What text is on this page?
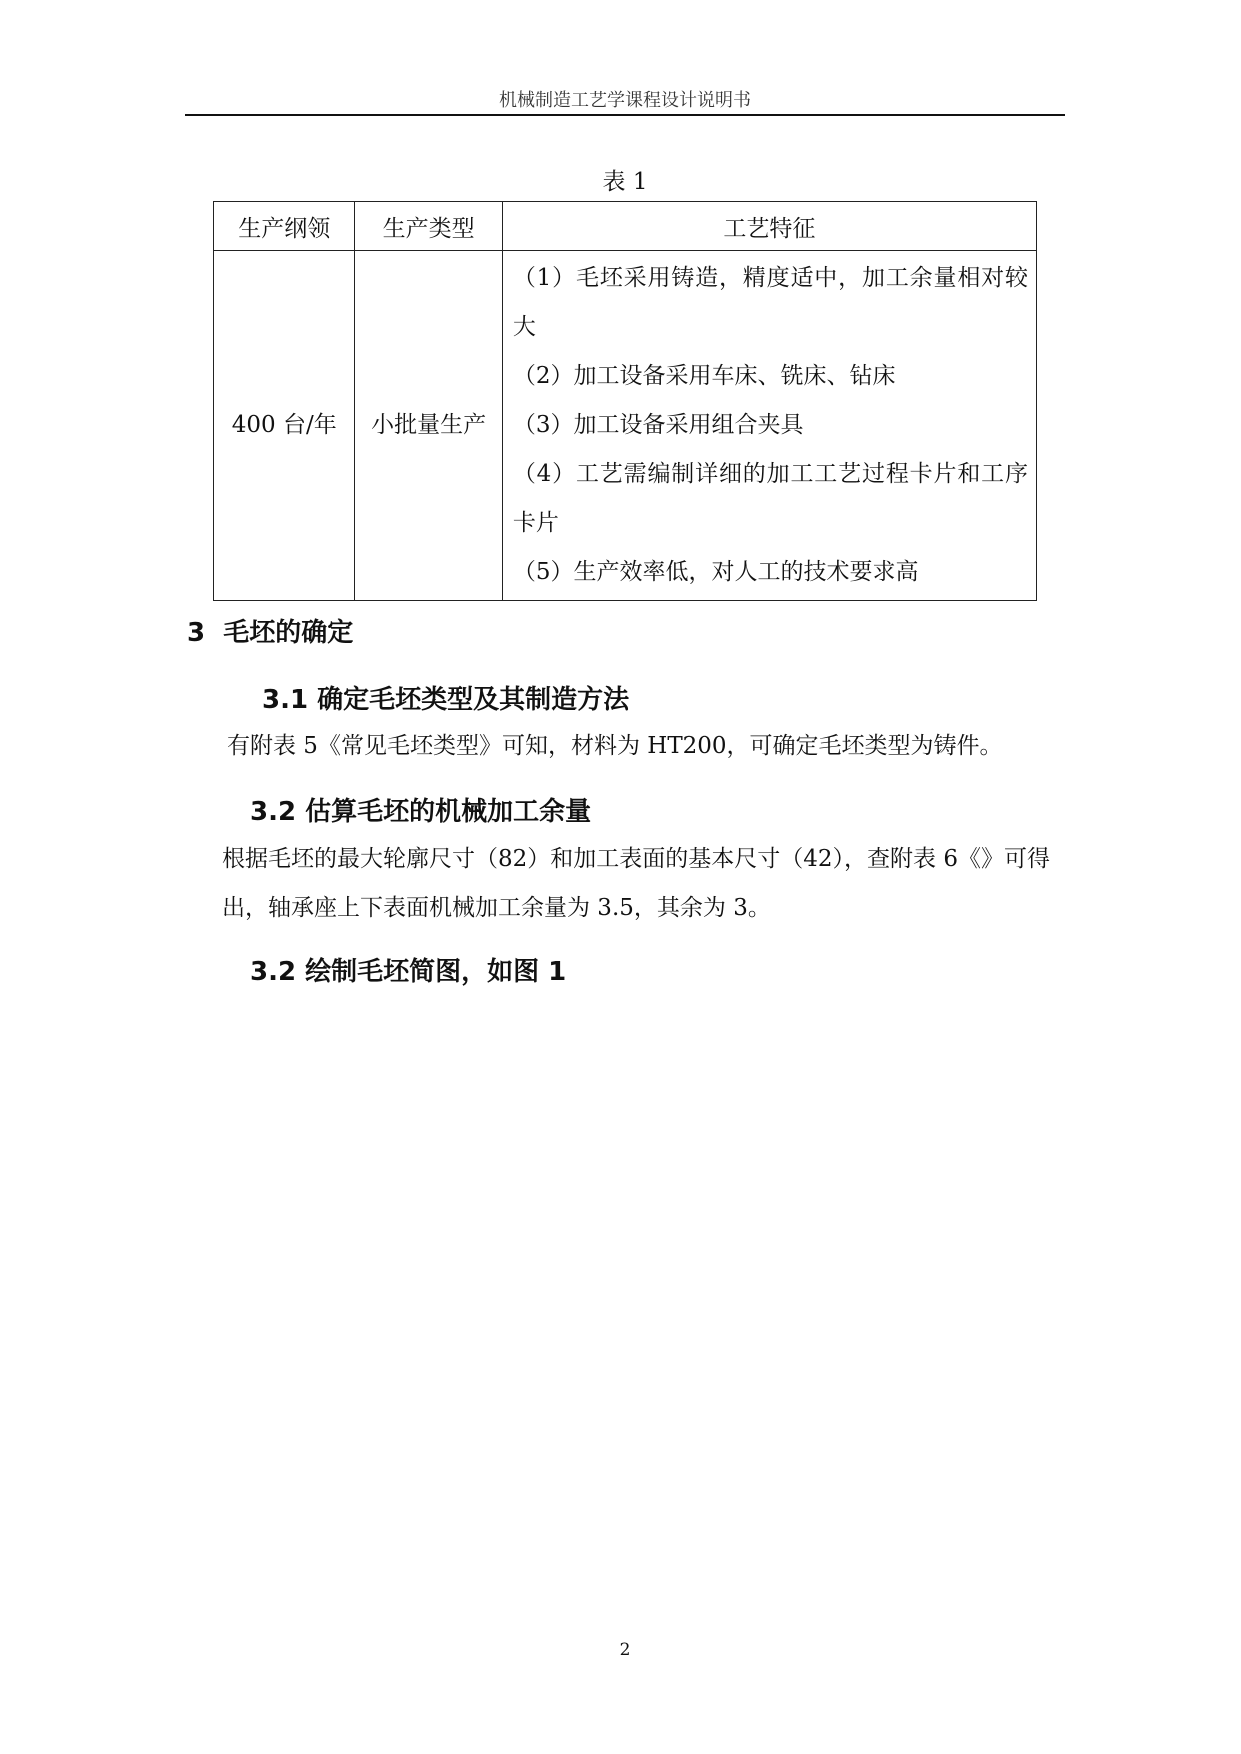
机械制造工艺学课程设计说明书
表 1
生产纲领	生产类型	工艺特征
400 台/年	小批量生产	（1）毛坯采用铸造，精度适中，加工余量相对较大
（2）加工设备采用车床、铣床、钻床
（3）加工设备采用组合夹具
（4）工艺需编制详细的加工工艺过程卡片和工序卡片
（5）生产效率低，对人工的技术要求高
3  毛坯的确定
3.1 确定毛坯类型及其制造方法
有附表 5《常见毛坯类型》可知，材料为 HT200，可确定毛坯类型为铸件。
3.2 估算毛坯的机械加工余量
根据毛坯的最大轮廓尺寸（82）和加工表面的基本尺寸（42），查附表 6《》可得出，轴承座上下表面机械加工余量为 3.5，其余为 3。
3.2 绘制毛坯简图，如图 1
2
